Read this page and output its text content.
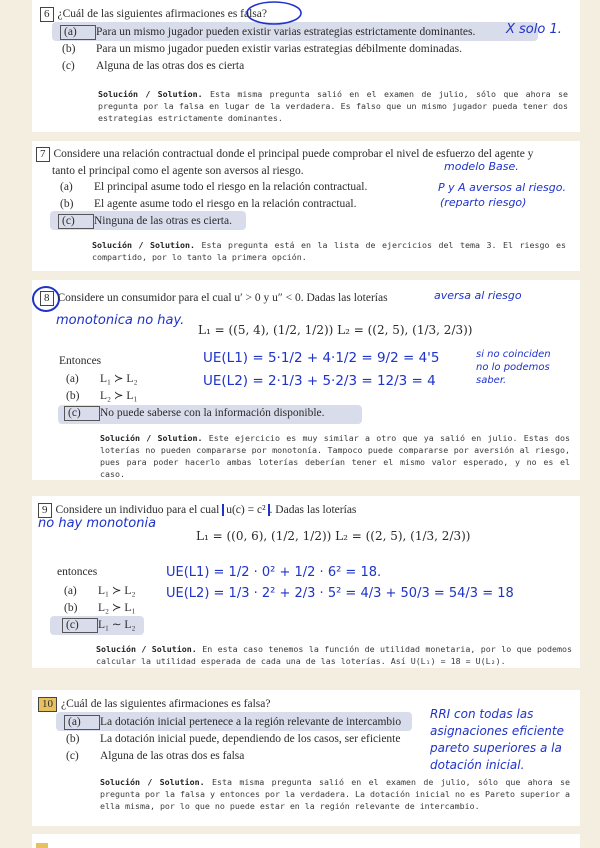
6 ¿Cuál de las siguientes afirmaciones es falsa?
(a)	Para un mismo jugador pueden existir varias estrategias estrictamente dominantes.
(b)	Para un mismo jugador pueden existir varias estrategias débilmente dominadas.
(c)	Alguna de las otras dos es cierta
Solución / Solution. Esta misma pregunta salió en el examen de julio, sólo que ahora se pregunta por la falsa en lugar de la verdadera. Es falso que un mismo jugador pueda tener dos estrategias estrictamente dominantes.
X solo 1.
7 Considere una relación contractual donde el principal puede comprobar el nivel de esfuerzo del agente y
tanto el principal como el agente son aversos al riesgo.
(a)	El principal asume todo el riesgo en la relación contractual.
(b)	El agente asume todo el riesgo en la relación contractual.
(c)	Ninguna de las otras es cierta.
Solución / Solution. Esta pregunta está en la lista de ejercicios del tema 3. El riesgo es compartido, por lo tanto la primera opción.
modelo Base.
P y A aversos al riesgo.
(reparto riesgo)
8 Considere un consumidor para el cual u′ > 0 y u″ < 0. Dadas las loterías
L₁ = ((5, 4), (1/2, 1/2)) L₂ = ((2, 5), (1/3, 2/3))
Entonces
(a)	L₁ ≻ L₂
(b)	L₂ ≻ L₁
(c)	No puede saberse con la información disponible.
Solución / Solution. Este ejercicio es muy similar a otro que ya salió en julio. Estas dos loterías no pueden compararse por monotonía. Tampoco puede compararse por aversión al riesgo, pues para poder hacerlo ambas loterías deberían tener el mismo valor esperado, y no es el caso.
aversa al riesgo
monotonica no hay.
UE(L1) = 5·1/2 + 4·1/2 = 9/2 = 4'5
UE(L2) = 2·1/3 + 5·2/3 = 12/3 = 4
si no coinciden no lo podemos saber.
9 Considere un individuo para el cual u(c) = c² . Dadas las loterías
L₁ = ((0, 6), (1/2, 1/2)) L₂ = ((2, 5), (1/3, 2/3))
entonces
(a)	L₁ ≻ L₂
(b)	L₂ ≻ L₁
(c)	L₁ ∼ L₂
Solución / Solution. En esta caso tenemos la función de utilidad monetaria, por lo que podemos calcular la utilidad esperada de cada una de las loterías. Así U(L₁) = 18 = U(L₂).
no hay monotonia
UE(L1) = 1/2 · 0² + 1/2 · 6² = 18.
UE(L2) = 1/3 · 2² + 2/3 · 5² = 4/3 + 50/3 = 54/3 = 18
10 ¿Cuál de las siguientes afirmaciones es falsa?
(a)	La dotación inicial pertenece a la región relevante de intercambio
(b)	La dotación inicial puede, dependiendo de los casos, ser eficiente
(c)	Alguna de las otras dos es falsa
Solución / Solution. Esta misma pregunta salió en el examen de julio, sólo que ahora se pregunta por la falsa y entonces por la verdadera. La dotación inicial no es Pareto superior a ella misma, por lo que no puede estar en la región relevante de intercambio.
RRI con todas las
asignaciones eficiente
pareto superiores a la
dotación inicial.
